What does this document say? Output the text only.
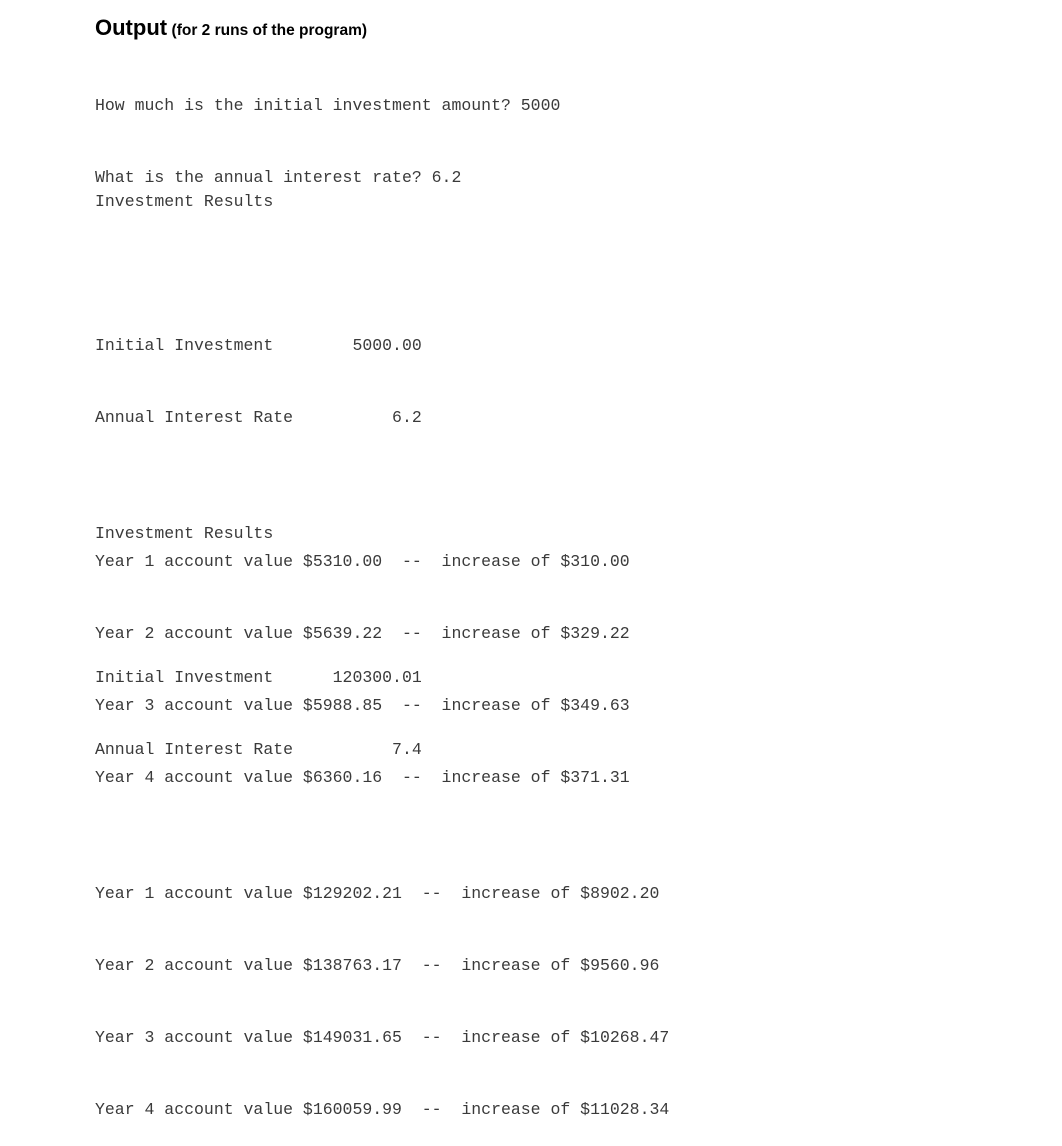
Output (for 2 runs of the program)

How much is the initial investment amount? 5000

What is the annual interest rate? 6.2

Investment Results

Initial Investment        5000.00

Annual Interest Rate          6.2

Year 1 account value $5310.00  --  increase of $310.00

Year 2 account value $5639.22  --  increase of $329.22

Year 3 account value $5988.85  --  increase of $349.63

Year 4 account value $6360.16  --  increase of $371.31

Investment Results

Initial Investment      120300.01

Annual Interest Rate          7.4

Year 1 account value $129202.21  --  increase of $8902.20

Year 2 account value $138763.17  --  increase of $9560.96

Year 3 account value $149031.65  --  increase of $10268.47

Year 4 account value $160059.99  --  increase of $11028.34
